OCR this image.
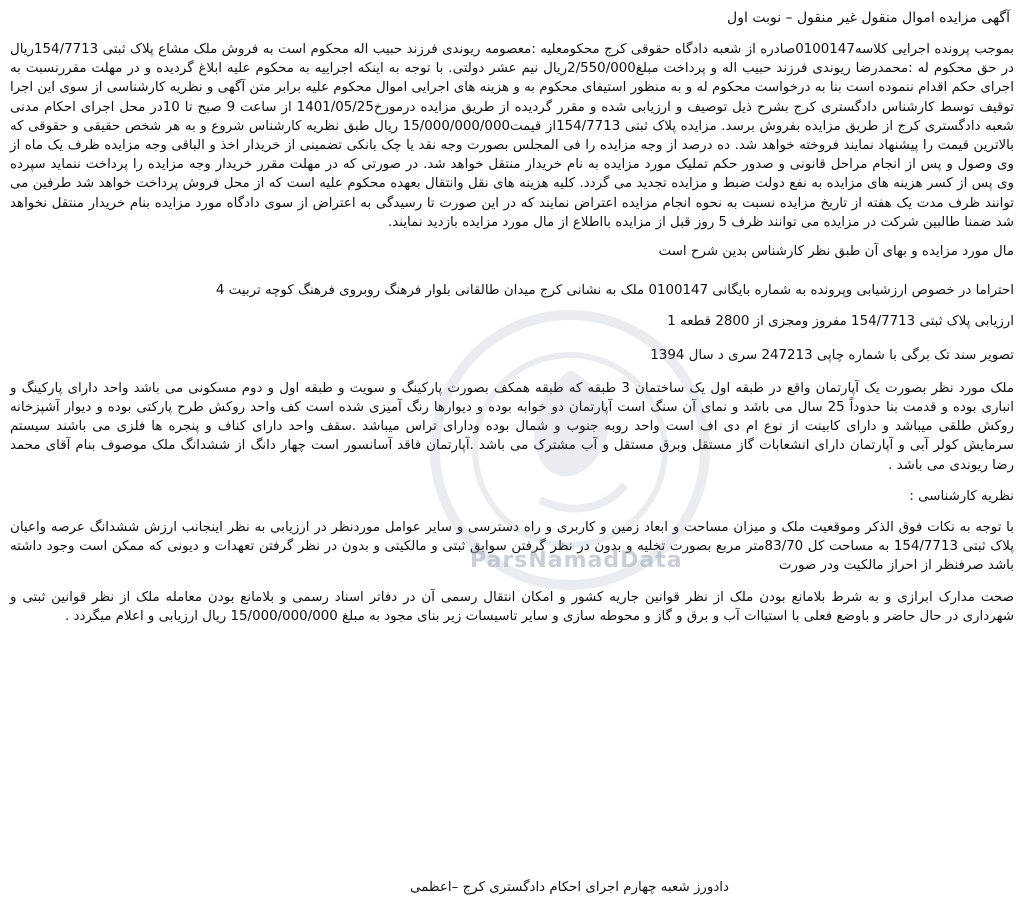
ParsNamadData
آگهی مزایده اموال منقول غیر منقول – نوبت اول

بموجب پرونده اجرایی کلاسه0100147صادره از شعبه دادگاه حقوقی کرج محکومعلیه :معصومه ریوندی فرزند حبیب اله محکوم است به فروش ملک مشاع پلاک ثبتی 154/7713ریال در حق محکوم له :محمدرضا ریوندی فرزند حبیب اله و پرداخت مبلغ2/550/000ریال نیم عشر دولتی. با توجه به اینکه اجراییه به محکوم علیه ابلاغ گردیده و در مهلت مقررنسبت به اجرای حکم اقدام ننموده است بنا به درخواست محکوم له و به منظور استیفای محکوم به و هزینه های اجرایی اموال محکوم علیه برابر متن آگهی و نظریه کارشناسی از سوی این اجرا توقیف توسط کارشناس دادگستری کرج بشرح ذیل توصیف و ارزیابی شده و مقرر گردیده از طریق مزایده درمورخ1401/05/25 از ساعت 9 صبح تا 10در محل اجرای احکام مدنی شعبه دادگستری کرج از طریق مزایده بفروش برسد. مزایده پلاک ثبتی 154/7713از قیمت15/000/000/000 ریال طبق نظریه کارشناس شروع و به هر شخص حقیقی و حقوقی که بالاترین قیمت را پیشنهاد نمایند فروخته خواهد شد. ده درصد از وجه مزایده را فی المجلس بصورت وجه نقد یا چک بانکی تضمینی از خریدار اخذ و الباقی وجه مزایده ظرف یک ماه از وی وصول و پس از انجام مراحل قانونی و صدور حکم تملیک مورد مزایده به نام خریدار منتقل خواهد شد. در صورتی که در مهلت مقرر خریدار وجه مزایده را پرداخت ننماید سپرده وی پس از کسر هزینه های مزایده به نفع دولت ضبط و مزایده تجدید می گردد. کلیه هزینه های نقل وانتقال بعهده محکوم علیه است که از محل فروش پرداخت خواهد شد طرفین می توانند ظرف مدت یک هفته از تاریخ مزایده نسبت به نحوه انجام مزایده اعتراض نمایند که در این صورت تا رسیدگی به اعتراض از سوی دادگاه مورد مزایده بنام خریدار منتقل نخواهد شد ضمنا طالبین شرکت در مزایده می توانند ظرف 5 روز قبل از مزایده بااطلاع از مال مورد مزایده بازدید نمایند.

مال مورد مزایده و بهای آن طبق نظر کارشناس بدین شرح است

احتراما در خصوص ارزشیابی وپرونده به شماره بایگانی 0100147 ملک به نشانی کرج میدان طالقانی بلوار فرهنگ روبروی فرهنگ کوچه تربیت 4

ارزیابی پلاک ثبتی 154/7713 مفروز ومجزی از 2800 قطعه 1

تصویر سند تک برگی با شماره چاپی 247213 سری د سال 1394

ملک مورد نظر بصورت یک آپارتمان واقع در طبقه اول یک ساختمان 3 طبقه که طبقه همکف بصورت پارکینگ و سویت و طبقه اول و دوم مسکونی می باشد واحد دارای پارکینگ و انباری بوده و قدمت بنا حدوداً 25 سال می باشد و نمای آن سنگ است آپارتمان دو خوابه بوده و دیوارها رنگ آمیزی شده است کف واحد روکش طرح پارکتی بوده و دیوار آشپزخانه روکش طلقی میباشد و دارای کابینت از نوع ام دی اف است واحد روبه جنوب و شمال بوده ودارای تراس میباشد .سقف واحد دارای کناف و پنجره ها فلزی می باشند سیستم سرمایش کولر آبی و آپارتمان دارای انشعابات گاز مستقل وبرق مستقل و آب مشترک می باشد .آپارتمان فاقد آسانسور است چهار دانگ از ششدانگ ملک موصوف بنام آقای محمد رضا ریوندی می باشد .

نظریه کارشناسی :

با توجه به نکات فوق الذکر وموقعیت ملک و میزان مساحت و ابعاد زمین و کاربری و راه دسترسی و سایر عوامل موردنظر در ارزیابی به نظر اینجانب ارزش ششدانگ عرصه واعیان پلاک ثبتی 154/7713 به مساحت کل 83/70متر مربع بصورت تخلیه و بدون در نظر گرفتن سوابق ثبتی و مالکیتی و بدون در نظر گرفتن تعهدات و دیونی که ممکن است وجود داشته باشد صرفنظر از احراز مالکیت ودر صورت

صحت مدارک ابرازی و به شرط بلامانع بودن ملک از نظر قوانین جاریه کشور و امکان انتقال رسمی آن در دفاتر اسناد رسمی و بلامانع بودن معامله ملک از نظر قوانین ثبتی و شهرداری در حال حاضر و باوضع فعلی با استیاات آب و برق و گاز و محوطه سازی و سایر تاسیسات زیر بنای مجود به مبلغ 15/000/000/000 ریال ارزیابی و اعلام میگردد .

دادورز شعبه چهارم اجرای احکام دادگستری کرج –اعظمی
